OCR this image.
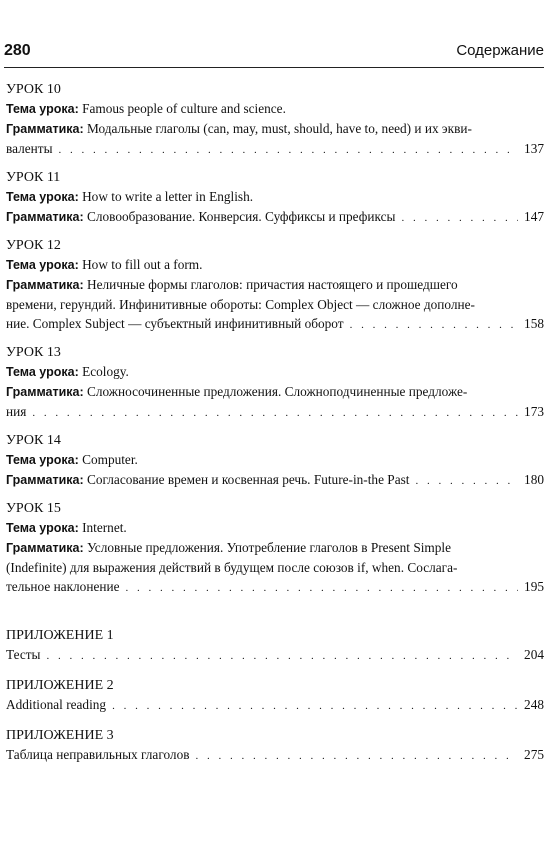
280	Содержание
УРОК 10
Тема урока: Famous people of culture and science.
Грамматика: Модальные глаголы (can, may, must, should, have to, need) и их экви-
валенты . . .	137
УРОК 11
Тема урока: How to write a letter in English.
Грамматика: Словообразование. Конверсия. Суффиксы и префиксы . . .	147
УРОК 12
Тема урока: How to fill out a form.
Грамматика: Неличные формы глаголов: причастия настоящего и прошедшего
времени, герундий. Инфинитивные обороты: Complex Object — сложное дополне-
ние. Complex Subject — субъектный инфинитивный оборот . . .	158
УРОК 13
Тема урока: Ecology.
Грамматика: Сложносочиненные предложения. Сложноподчиненные предложе-
ния . . .	173
УРОК 14
Тема урока: Computer.
Грамматика: Согласование времен и косвенная речь. Future-in-the Past . . .	180
УРОК 15
Тема урока: Internet.
Грамматика: Условные предложения. Употребление глаголов в Present Simple
(Indefinite) для выражения действий в будущем после союзов if, when. Сослага-
тельное наклонение . . .	195
ПРИЛОЖЕНИЕ 1
Тесты . . .	204
ПРИЛОЖЕНИЕ 2
Additional reading . . .	248
ПРИЛОЖЕНИЕ 3
Таблица неправильных глаголов . . .	275
